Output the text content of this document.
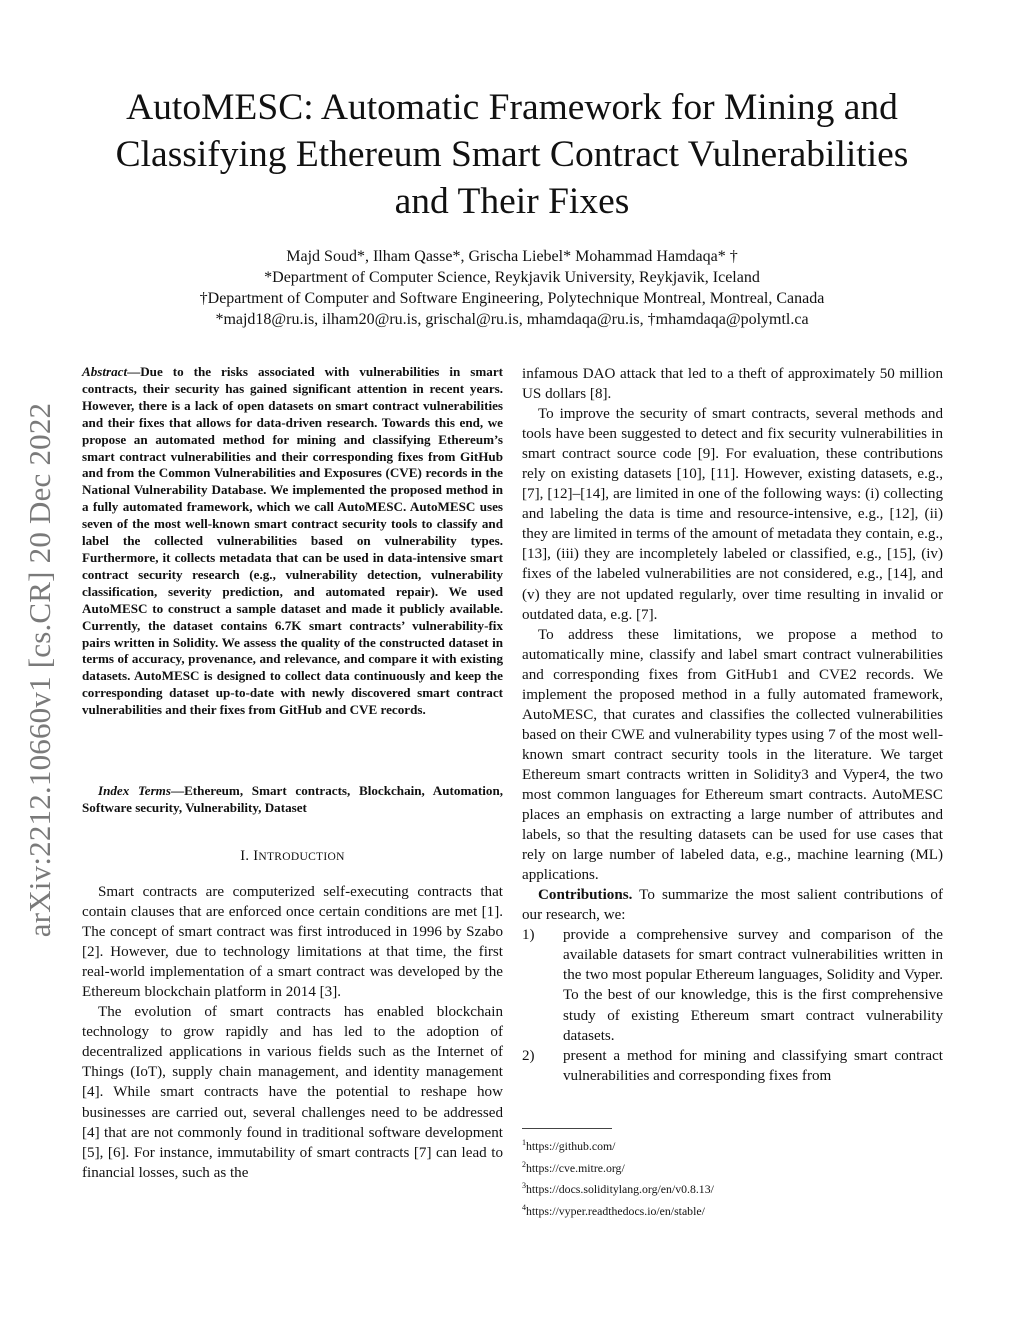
arXiv:2212.10660v1 [cs.CR] 20 Dec 2022
AutoMESC: Automatic Framework for Mining and
Classifying Ethereum Smart Contract Vulnerabilities
and Their Fixes
Majd Soud*, Ilham Qasse*, Grischa Liebel* Mohammad Hamdaqa* †
*Department of Computer Science, Reykjavik University, Reykjavik, Iceland
†Department of Computer and Software Engineering, Polytechnique Montreal, Montreal, Canada
*majd18@ru.is, ilham20@ru.is, grischal@ru.is, mhamdaqa@ru.is, †mhamdaqa@polymtl.ca
Abstract—Due to the risks associated with vulnerabilities in smart contracts, their security has gained significant attention in recent years. However, there is a lack of open datasets on smart contract vulnerabilities and their fixes that allows for data-driven research. Towards this end, we propose an automated method for mining and classifying Ethereum’s smart contract vulnerabilities and their corresponding fixes from GitHub and from the Common Vulnerabilities and Exposures (CVE) records in the National Vulnerability Database. We implemented the proposed method in a fully automated framework, which we call AutoMESC. AutoMESC uses seven of the most well-known smart contract security tools to classify and label the collected vulnerabilities based on vulnerability types. Furthermore, it collects metadata that can be used in data-intensive smart contract security research (e.g., vulnerability detection, vulnerability classification, severity prediction, and automated repair). We used AutoMESC to construct a sample dataset and made it publicly available. Currently, the dataset contains 6.7K smart contracts’ vulnerability-fix pairs written in Solidity. We assess the quality of the constructed dataset in terms of accuracy, provenance, and relevance, and compare it with existing datasets. AutoMESC is designed to collect data continuously and keep the corresponding dataset up-to-date with newly discovered smart contract vulnerabilities and their fixes from GitHub and CVE records.
Index Terms—Ethereum, Smart contracts, Blockchain, Automation, Software security, Vulnerability, Dataset
I. INTRODUCTION

Smart contracts are computerized self-executing contracts that contain clauses that are enforced once certain conditions are met [1]. The concept of smart contract was first introduced in 1996 by Szabo [2]. However, due to technology limitations at that time, the first real-world implementation of a smart contract was developed by the Ethereum blockchain platform in 2014 [3].

The evolution of smart contracts has enabled blockchain technology to grow rapidly and has led to the adoption of decentralized applications in various fields such as the Internet of Things (IoT), supply chain management, and identity management [4]. While smart contracts have the potential to reshape how businesses are carried out, several challenges need to be addressed [4] that are not commonly found in traditional software development [5], [6]. For instance, immutability of smart contracts [7] can lead to financial losses, such as the

infamous DAO attack that led to a theft of approximately 50 million US dollars [8].

To improve the security of smart contracts, several methods and tools have been suggested to detect and fix security vulnerabilities in smart contract source code [9]. For evaluation, these contributions rely on existing datasets [10], [11]. However, existing datasets, e.g., [7], [12]–[14], are limited in one of the following ways: (i) collecting and labeling the data is time and resource-intensive, e.g., [12], (ii) they are limited in terms of the amount of metadata they contain, e.g., [13], (iii) they are incompletely labeled or classified, e.g., [15], (iv) fixes of the labeled vulnerabilities are not considered, e.g., [14], and (v) they are not updated regularly, over time resulting in invalid or outdated data, e.g. [7].

To address these limitations, we propose a method to automatically mine, classify and label smart contract vulnerabilities and corresponding fixes from GitHub1 and CVE2 records. We implement the proposed method in a fully automated framework, AutoMESC, that curates and classifies the collected vulnerabilities based on their CWE and vulnerability types using 7 of the most well-known smart contract security tools in the literature. We target Ethereum smart contracts written in Solidity3 and Vyper4, the two most common languages for Ethereum smart contracts. AutoMESC places an emphasis on extracting a large number of attributes and labels, so that the resulting datasets can be used for use cases that rely on large number of labeled data, e.g., machine learning (ML) applications.

Contributions. To summarize the most salient contributions of our research, we:

1) provide a comprehensive survey and comparison of the available datasets for smart contract vulnerabilities written in the two most popular Ethereum languages, Solidity and Vyper. To the best of our knowledge, this is the first comprehensive study of existing Ethereum smart contract vulnerability datasets.
2) present a method for mining and classifying smart contract vulnerabilities and corresponding fixes from
$^1$https://github.com/
$^2$https://cve.mitre.org/
$^3$https://docs.soliditylang.org/en/v0.8.13/
$^4$https://vyper.readthedocs.io/en/stable/
